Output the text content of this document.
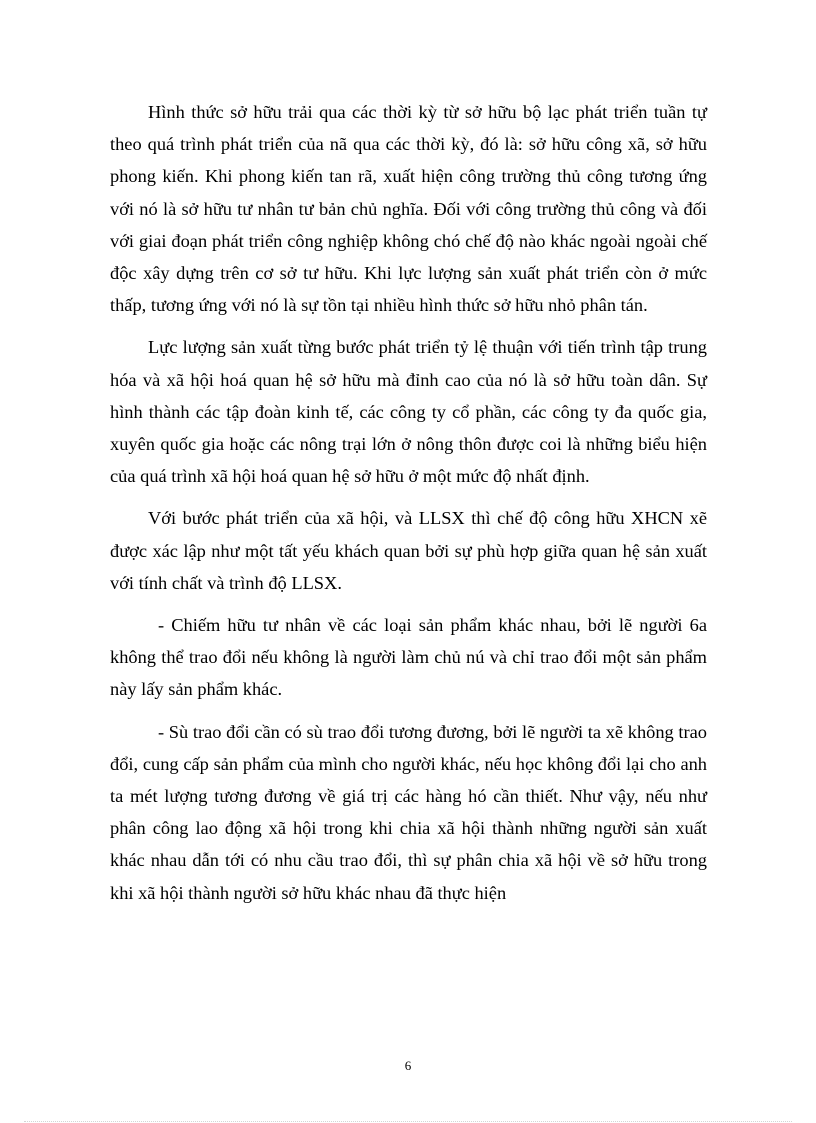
Hình thức sở hữu trải qua các thời kỳ từ sở hữu bộ lạc phát triển tuần tự theo quá trình phát triển của nã qua các thời kỳ, đó là: sở hữu công xã, sở hữu phong kiến. Khi phong kiến tan rã, xuất hiện công trường thủ công tương ứng với nó là sở hữu tư nhân tư bản chủ nghĩa. Đối với công trường thủ công và đối với giai đoạn phát triển công nghiệp không chó chế độ nào khác ngoài ngoài chế độc xây dựng trên cơ sở tư hữu. Khi lực lượng sản xuất phát triển còn ở mức thấp, tương ứng với nó là sự tồn tại nhiều hình thức sở hữu nhỏ phân tán.

Lực lượng sản xuất từng bước phát triển tỷ lệ thuận với tiến trình tập trung hóa và xã hội hoá quan hệ sở hữu mà đỉnh cao của nó là sở hữu toàn dân. Sự hình thành các tập đoàn kinh tế, các công ty cổ phần, các công ty đa quốc gia, xuyên quốc gia hoặc các nông trại lớn ở nông thôn được coi là những biểu hiện của quá trình xã hội hoá quan hệ sở hữu ở một mức độ nhất định.

Với bước phát triển của xã hội, và LLSX thì chế độ công hữu XHCN xẽ được xác lập như một tất yếu khách quan bởi sự phù hợp giữa quan hệ sản xuất với tính chất và trình độ LLSX.

- Chiếm hữu tư nhân về các loại sản phẩm khác nhau, bởi lẽ người 6a không thể trao đổi nếu không là người làm chủ nú và chỉ trao đổi một sản phẩm này lấy sản phẩm khác.

- Sù trao đổi cần có sù trao đổi tương đương, bởi lẽ người ta xẽ không trao đổi, cung cấp sản phẩm của mình cho người khác, nếu học không đổi lại cho anh ta mét lượng tương đương về giá trị các hàng hó cần thiết. Như vậy, nếu như phân công lao động xã hội trong khi chia xã hội thành những người sản xuất khác nhau dẫn tới có nhu cầu trao đổi, thì sự phân chia xã hội về sở hữu trong khi xã hội thành người sở hữu khác nhau đã thực hiện

6
